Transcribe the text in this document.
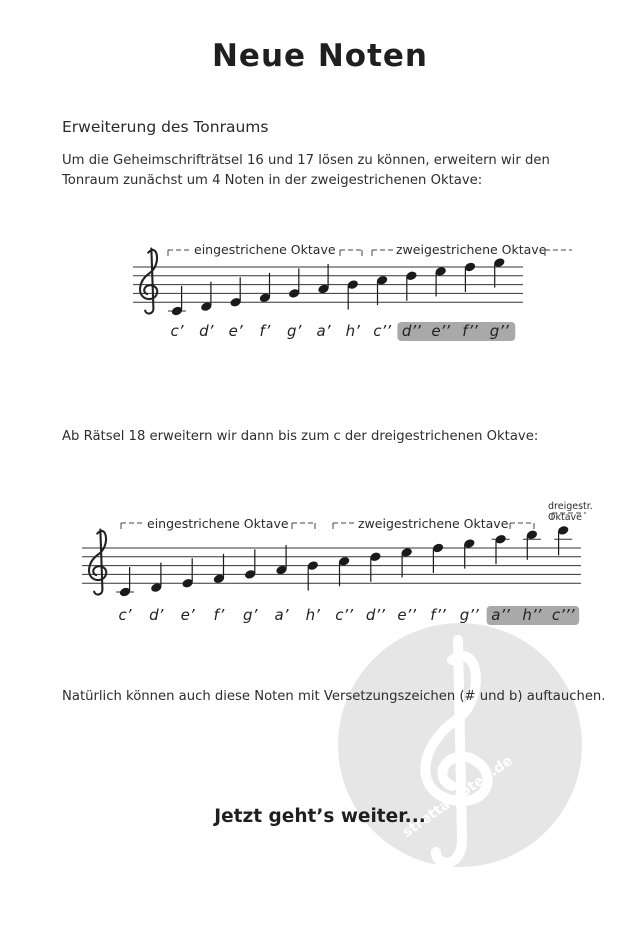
stretta-noten.de
Neue Noten
Erweiterung des Tonraums
Um die Geheimschrifträtsel 16 und 17 lösen zu können, erweitern wir den Tonraum zunächst um 4 Noten in der zweigestrichenen Oktave:
eingestrichene Oktave	zweigestrichene Oktave
c’ d’ e’ f’ g’ a’ h’ c’’ d’’ e’’ f’’ g’’
Ab Rätsel 18 erweitern wir dann bis zum c der dreigestrichenen Oktave:
dreigestr.
Oktave
eingestrichene Oktave	zweigestrichene Oktave
c’ d’ e’ f’ g’ a’ h’ c’’ d’’ e’’ f’’ g’’ a’’ h’’ c’’’
Natürlich können auch diese Noten mit Versetzungszeichen (# und b) auftauchen.
Jetzt geht’s weiter...
